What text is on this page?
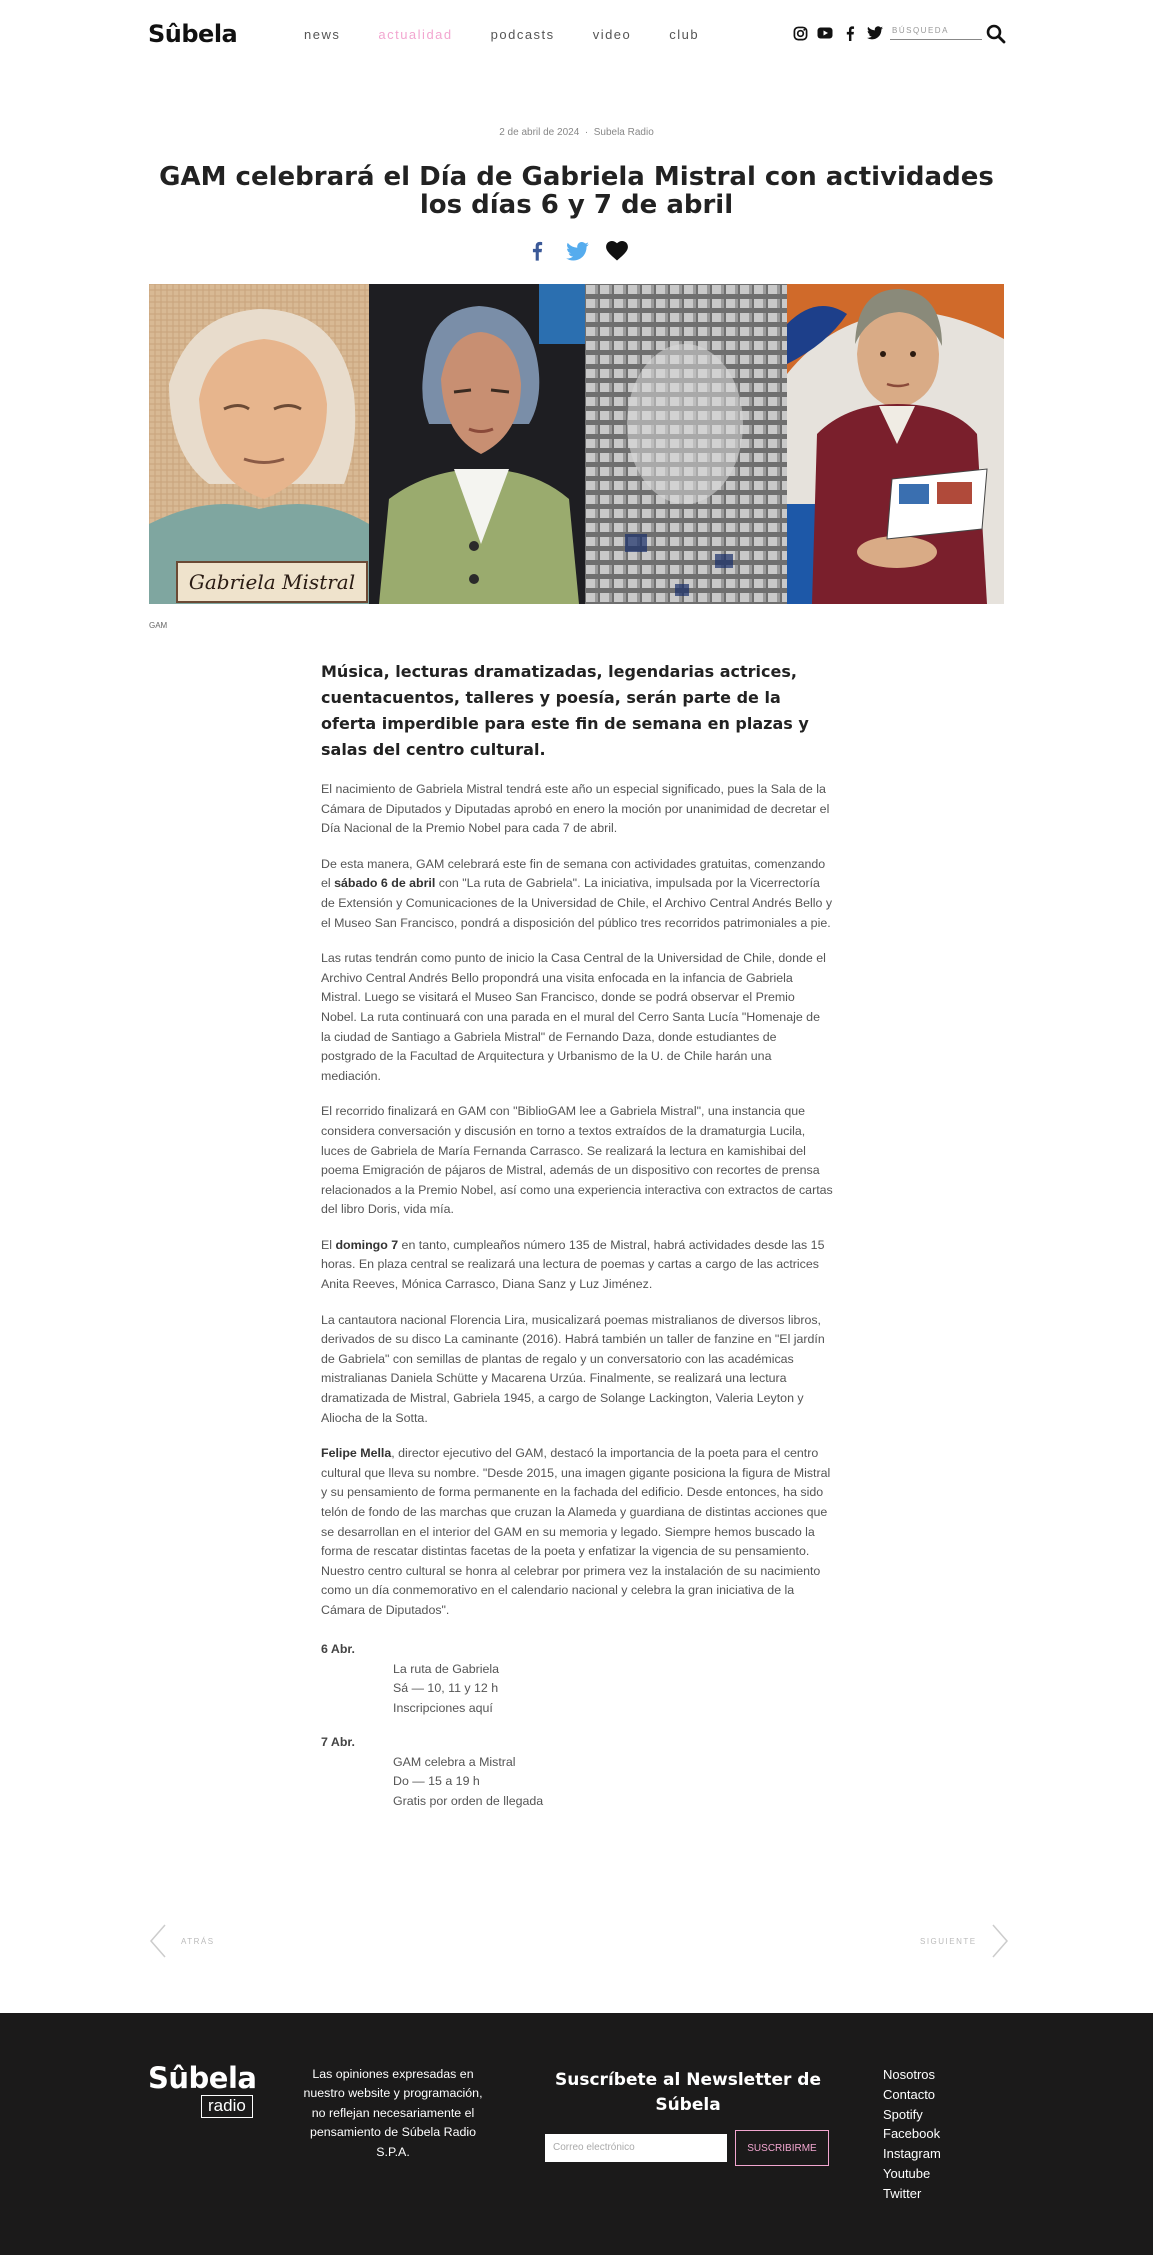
Sûbela	news	actualidad	podcasts	video	club	BÚSQUEDA
2 de abril de 2024  ·  Subela Radio
GAM celebrará el Día de Gabriela Mistral con actividades los días 6 y 7 de abril
Gabriela Mistral
GAM
Música, lecturas dramatizadas, legendarias actrices, cuentacuentos, talleres y poesía, serán parte de la oferta imperdible para este fin de semana en plazas y salas del centro cultural.

El nacimiento de Gabriela Mistral tendrá este año un especial significado, pues la Sala de la Cámara de Diputados y Diputadas aprobó en enero la moción por unanimidad de decretar el Día Nacional de la Premio Nobel para cada 7 de abril.

De esta manera, GAM celebrará este fin de semana con actividades gratuitas, comenzando el sábado 6 de abril con "La ruta de Gabriela". La iniciativa, impulsada por la Vicerrectoría de Extensión y Comunicaciones de la Universidad de Chile, el Archivo Central Andrés Bello y el Museo San Francisco, pondrá a disposición del público tres recorridos patrimoniales a pie.

Las rutas tendrán como punto de inicio la Casa Central de la Universidad de Chile, donde el Archivo Central Andrés Bello propondrá una visita enfocada en la infancia de Gabriela Mistral. Luego se visitará el Museo San Francisco, donde se podrá observar el Premio Nobel. La ruta continuará con una parada en el mural del Cerro Santa Lucía "Homenaje de la ciudad de Santiago a Gabriela Mistral" de Fernando Daza, donde estudiantes de postgrado de la Facultad de Arquitectura y Urbanismo de la U. de Chile harán una mediación.

El recorrido finalizará en GAM con "BiblioGAM lee a Gabriela Mistral", una instancia que considera conversación y discusión en torno a textos extraídos de la dramaturgia Lucila, luces de Gabriela de María Fernanda Carrasco. Se realizará la lectura en kamishibai del poema Emigración de pájaros de Mistral, además de un dispositivo con recortes de prensa relacionados a la Premio Nobel, así como una experiencia interactiva con extractos de cartas del libro Doris, vida mía.

El domingo 7 en tanto, cumpleaños número 135 de Mistral, habrá actividades desde las 15 horas. En plaza central se realizará una lectura de poemas y cartas a cargo de las actrices Anita Reeves, Mónica Carrasco, Diana Sanz y Luz Jiménez.

La cantautora nacional Florencia Lira, musicalizará poemas mistralianos de diversos libros, derivados de su disco La caminante (2016). Habrá también un taller de fanzine en "El jardín de Gabriela" con semillas de plantas de regalo y un conversatorio con las académicas mistralianas Daniela Schütte y Macarena Urzúa. Finalmente, se realizará una lectura dramatizada de Mistral, Gabriela 1945, a cargo de Solange Lackington, Valeria Leyton y Aliocha de la Sotta.

Felipe Mella, director ejecutivo del GAM, destacó la importancia de la poeta para el centro cultural que lleva su nombre. "Desde 2015, una imagen gigante posiciona la figura de Mistral y su pensamiento de forma permanente en la fachada del edificio. Desde entonces, ha sido telón de fondo de las marchas que cruzan la Alameda y guardiana de distintas acciones que se desarrollan en el interior del GAM en su memoria y legado. Siempre hemos buscado la forma de rescatar distintas facetas de la poeta y enfatizar la vigencia de su pensamiento. Nuestro centro cultural se honra al celebrar por primera vez la instalación de su nacimiento como un día conmemorativo en el calendario nacional y celebra la gran iniciativa de la Cámara de Diputados".

6 Abr.
La ruta de Gabriela
Sá — 10, 11 y 12 h
Inscripciones aquí
7 Abr.
GAM celebra a Mistral
Do — 15 a 19 h
Gratis por orden de llegada
ATRÁS	SIGUIENTE
Sûbela
radio
Las opiniones expresadas en nuestro website y programación, no reflejan necesariamente el pensamiento de Súbela Radio S.P.A.
Suscríbete al Newsletter de Súbela
Correo electrónico	SUSCRIBIRME
Nosotros
Contacto
Spotify
Facebook
Instagram
Youtube
Twitter
